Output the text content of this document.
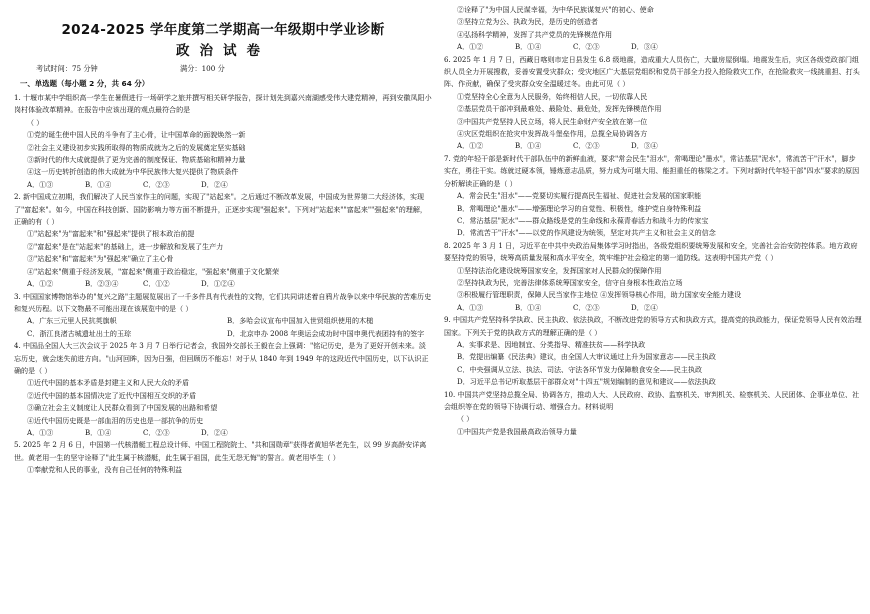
2024-2025 学年度第二学期高一年级期中学业诊断
政治试卷
考试时间：75 分钟	满分：100 分
一、单选题（每小题 2 分，共 64 分）
1. 十堰市某中学组织高一学生在暑假进行一场研学之旅并撰写相关研学报告，探计划先到嘉兴南湖感受伟大建党精神，再到安徽凤阳小岗村体验改革精神。在报告中应该出现的观点最符合的是
（ ）
①党的诞生使中国人民的斗争有了主心骨，让中国革命的面貌焕然一新
②社会主义建设初步实践所取得的物质成就为之后的发展奠定坚实基础
③新时代的伟大成就提供了更为完善的制度保证、物质基础和精神力量
④这一历史转折创造的伟大成就为中华民族伟大复兴提供了物质条件
A．①③	B．①④	C．②③	D．②④
2. 新中国成立初期，我们解决了人民当家作主的问题，实现了"站起来"。之后通过不断改革发展，中国成为世界第二大经济体，实现了"富起来"。如今，中国在科技创新、国防影响力等方面不断提升，正逐步实现"强起来"。下列对"站起来""富起来""强起来"的理解，正确的有（ ）
①"站起来"为"富起来"和"强起来"提供了根本政治前提
②"富起来"是在"站起来"的基础上，进一步解放和发展了生产力
③"站起来"和"富起来"为"强起来"确立了主心骨
④"站起来"侧重于经济发展，"富起来"侧重于政治稳定，"强起来"侧重于文化繁荣
A．①②	B．②③④	C．①②	D．①②④
3. 中国国家博物馆举办的"复兴之路"主题展览展出了一千多件具有代表性的文物，它们共同讲述着自鸦片战争以来中华民族的苦难历史和复兴历程。以下文物最不可能出现在该展览中的是（ ）
A．广东三元里人民抗英旗帜	B．多哈会议宣布中国加入世贸组织使用的木槌
C．浙江良渚古城遗址出土的玉琮	D．北京申办 2008 年奥运会成功时中国申奥代表团持有的签字
4. 中国品全国人大三次会议于 2025 年 3 月 7 日举行记者会，我国外交部长王毅在会上强调："铭记历史，是为了更好开创未来。淡忘历史，就会迷失前进方向。"山河回眸，因为日强，但回顾历不能忘！对于从 1840 年到 1949 年的这段近代中国历史，以下认识正确的是（ ）
①近代中国的基本矛盾是封建主义和人民大众的矛盾
②近代中国的基本国情决定了近代中国相互交织的矛盾
③确立社会主义制度让人民群众看到了中国发展的出路和希望
④近代中国历史既是一部血泪的历史也是一部抗争的历史
A．①③	B．①④	C．②③	D．②④
5. 2025 年 2 月 6 日，中国第一代核潜艇工程总设计师、中国工程院院士、"共和国勋章"获得者黄旭华老先生，以 99 岁高龄安详离世。黄老用一生的坚守诠释了"此生属于核潜艇，此生属于祖国，此生无怨无悔"的誓言。黄老用毕生（ ）
①奉献党和人民的事业，没有自己任何的特殊利益
②诠释了"为中国人民谋幸福，为中华民族谋复兴"的初心、使命
③坚持立党为公、执政为民，是历史的创造者
④弘扬科学精神，发挥了共产党员的先锋模范作用
A．①②	B．①④	C．②③	D．③④
6. 2025 年 1 月 7 日，西藏日喀则市定日县发生 6.8 级地震，造成重大人员伤亡，大量房屋倒塌。地震发生后，灾区各级党政部门组织人员全力开展搜救，妥善安置受灾群众；受灾地区广大基层党组织和党员干部全力投入抢险救灾工作，在抢险救灾一线挑重担、打头阵、作贡献，确保了受灾群众安全温暖过冬。由此可见（ ）
①党坚持全心全意为人民服务，始终相信人民，一切依靠人民
②基层党员干部冲到最难处、最险处、最危处，发挥先锋模范作用
③中国共产党坚持人民立场，将人民生命财产安全放在第一位
④灾区党组织在抢灾中发挥战斗堡垒作用，总揽全局协调各方
A．①②	B．①④	C．②③	D．③④
7. 党的年轻干部是新时代干部队伍中的新鲜血液，要求"常会民生"泪水"，常喝理论"墨水"，常沾基层"泥水"，常流苦干"汗水"，脚步实在，勇往干实。练就过硬本领，锤炼意志品质，努力成为可堪大用、能担重任的栋梁之才。下列对新时代年轻干部"四水"要求的原因分析解读正确的是（ ）
A．常会民生"泪水"——党要切实履行提高民生福祉、促进社会发展的国家职能
B．常喝理论"墨水"——增强理论学习的自觉性、积极性，维护党自身特殊利益
C．常沾基层"泥水"——群众路线是党的生命线和永葆青春活力和战斗力的传家宝
D．常流苦干"汗水"——以党的作风建设为统领，坚定对共产主义和社会主义的信念
8. 2025 年 3 月 1 日，习近平在中共中央政治局集体学习时指出，各级党组织要统筹发展和安全，完善社会治安防控体系。地方政府要坚持党的领导，统筹高质量发展和高水平安全，筑牢维护社会稳定的第一道防线。这表明中国共产党（ ）
①坚持法治化建设统筹国家安全，发挥国家对人民群众的保障作用
②坚持执政为民，完善法律体系统筹国家安全，信守自身根本性政治立场
③积极履行管理职责，保障人民当家作主地位 ④发挥领导核心作用，助力国家安全能力建设
A．①③	B．①④	C．②③	D．②④
9. 中国共产党坚持科学执政、民主执政、依法执政，不断改进党的领导方式和执政方式，提高党的执政能力，保证党领导人民有效治理国家。下列关于党的执政方式的理解正确的是（ ）
A．实事求是、因地制宜、分类指导、精准扶贫——科学执政
B．党提出编纂《民法典》建议，由全国人大审议通过上升为国家意志——民主执政
C．中央强调从立法、执法、司法、守法各环节发力保障粮食安全——民主执政
D．习近平总书记听取基层干部群众对"十四五"规划编制的意见和建议——依法执政
10. 中国共产党坚持总揽全局、协调各方，推动人大、人民政府、政协、监察机关、审判机关、检察机关、人民团体、企事业单位、社会组织等在党的领导下协调行动、增强合力。材料说明
（ ）
①中国共产党是我国最高政治领导力量
